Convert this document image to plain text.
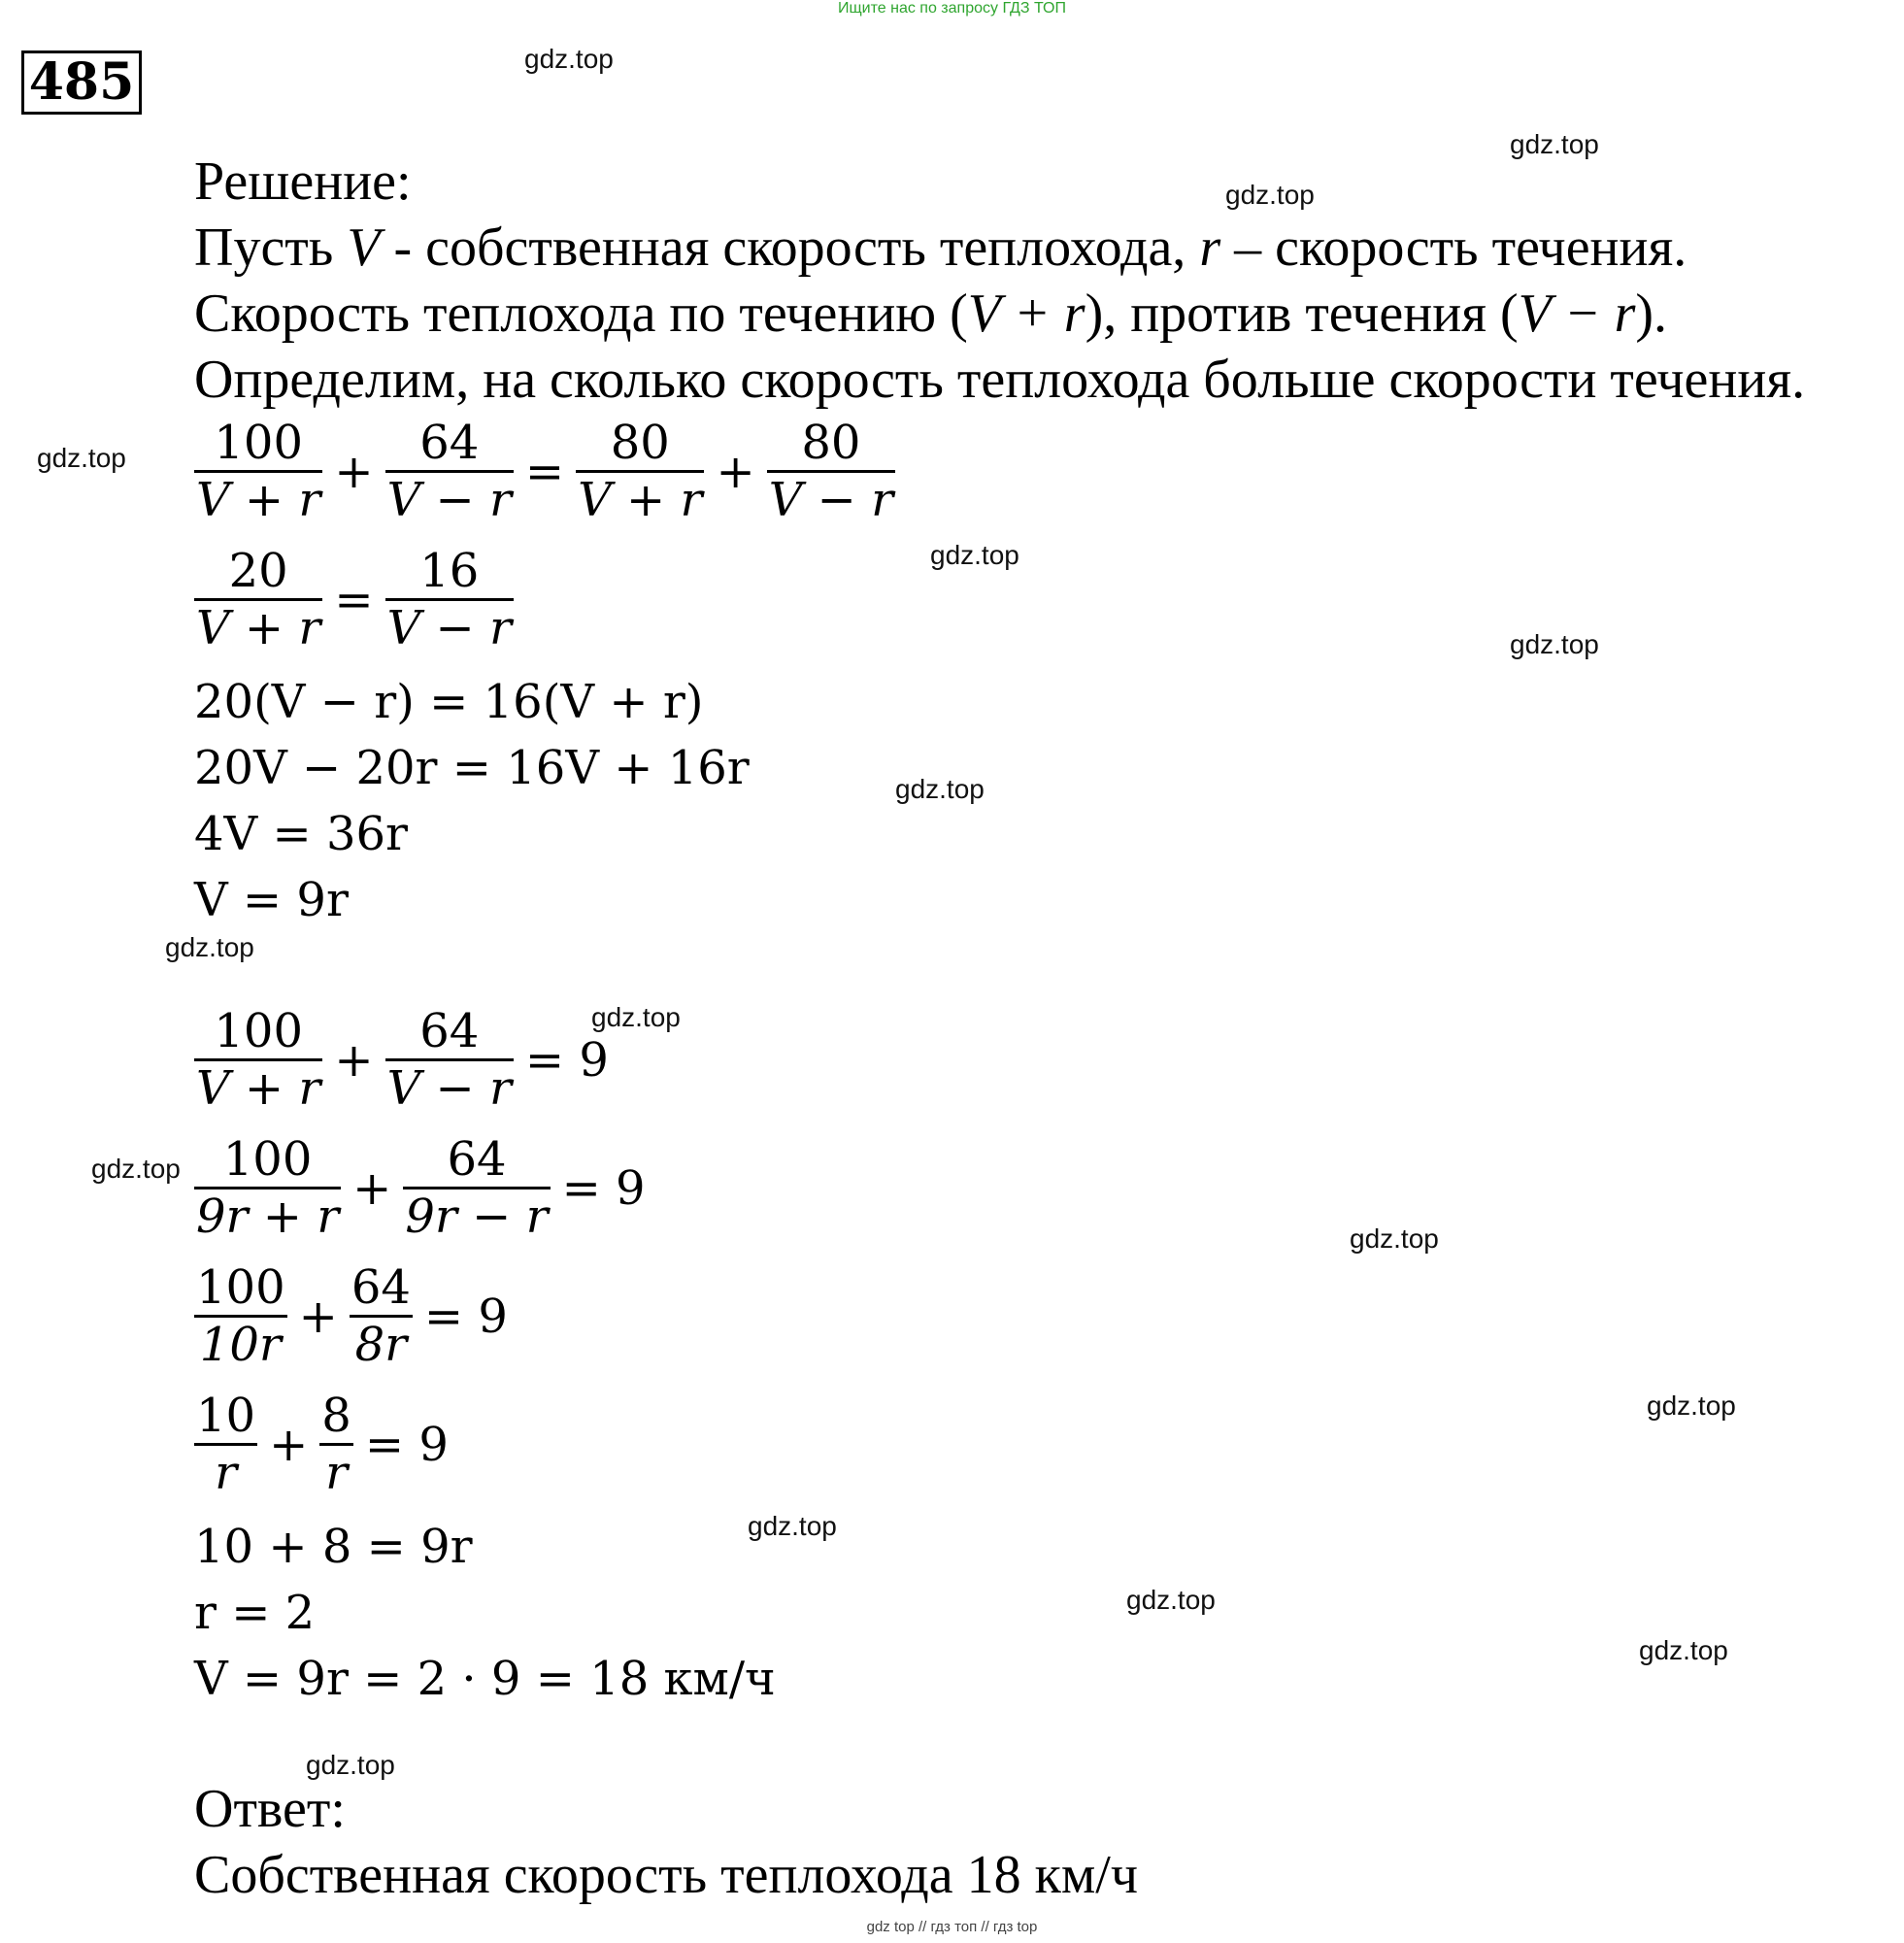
Ищите нас по запросу ГДЗ ТОП
485	gdz.top
gdz.top
gdz.top
gdz.top
gdz.top
gdz.top
gdz.top
gdz.top
gdz.top
gdz.top
gdz.top
gdz.top
gdz.top
gdz.top
gdz.top
gdz.top
Решение:
Пусть V - собственная скорость теплохода, r – скорость течения.
Скорость теплохода по течению (V + r), против течения (V − r).
Определим, на сколько скорость теплохода больше скорости течения.
$\frac{100}{V + r} + \frac{64}{V - r} = \frac{80}{V + r} + \frac{80}{V - r}$
$\frac{20}{V + r} = \frac{16}{V - r}$
20(V − r) = 16(V + r)
20V − 20r = 16V + 16r
4V = 36r
V = 9r
$\frac{100}{V + r} + \frac{64}{V - r} = 9$
$\frac{100}{9r + r} + \frac{64}{9r - r} = 9$
$\frac{100}{10r} + \frac{64}{8r} = 9$
$\frac{10}{r} + \frac{8}{r} = 9$
10 + 8 = 9r
r = 2
V = 9r = 2 · 9 = 18 км/ч
Ответ:
Собственная скорость теплохода 18 км/ч
gdz top // гдз топ // гдз top
